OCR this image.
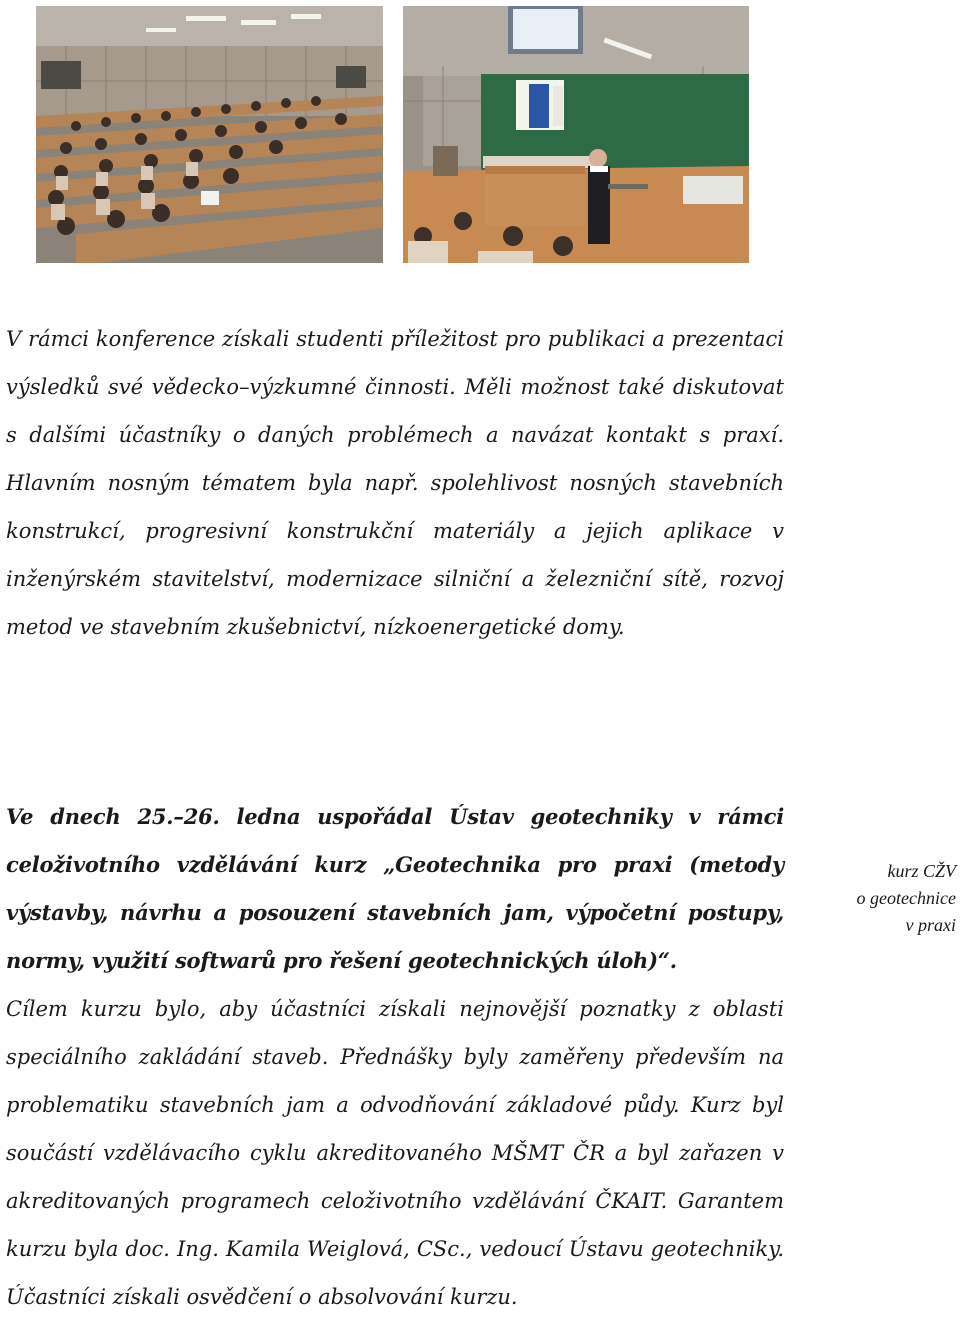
V rámci konference získali studenti příležitost pro publikaci a prezentaci výsledků své vědecko–výzkumné činnosti. Měli možnost také diskutovat s dalšími účastníky o daných problémech a navázat kontakt s praxí. Hlavním nosným tématem byla např. spolehlivost nosných stavebních konstrukcí, progresivní konstrukční materiály a jejich aplikace v inženýrském stavitelství, modernizace silniční a železniční sítě, rozvoj metod ve stavebním zkušebnictví, nízkoenergetické domy.

Ve dnech 25.–26. ledna uspořádal Ústav geotechniky v rámci celoživotního vzdělávání kurz „Geotechnika pro praxi (metody výstavby, návrhu a posouzení stavebních jam, výpočetní postupy, normy, využití softwarů pro řešení geotechnických úloh)“.

kurz CŽV
o geotechnice
v praxi

Cílem kurzu bylo, aby účastníci získali nejnovější poznatky z oblasti speciálního zakládání staveb. Přednášky byly zaměřeny především na problematiku stavebních jam a odvodňování základové půdy. Kurz byl součástí vzdělávacího cyklu akreditovaného MŠMT ČR a byl zařazen v akreditovaných programech celoživotního vzdělávání ČKAIT. Garantem kurzu byla doc. Ing. Kamila Weiglová, CSc., vedoucí Ústavu geotechniky. Účastníci získali osvědčení o absolvování kurzu.
